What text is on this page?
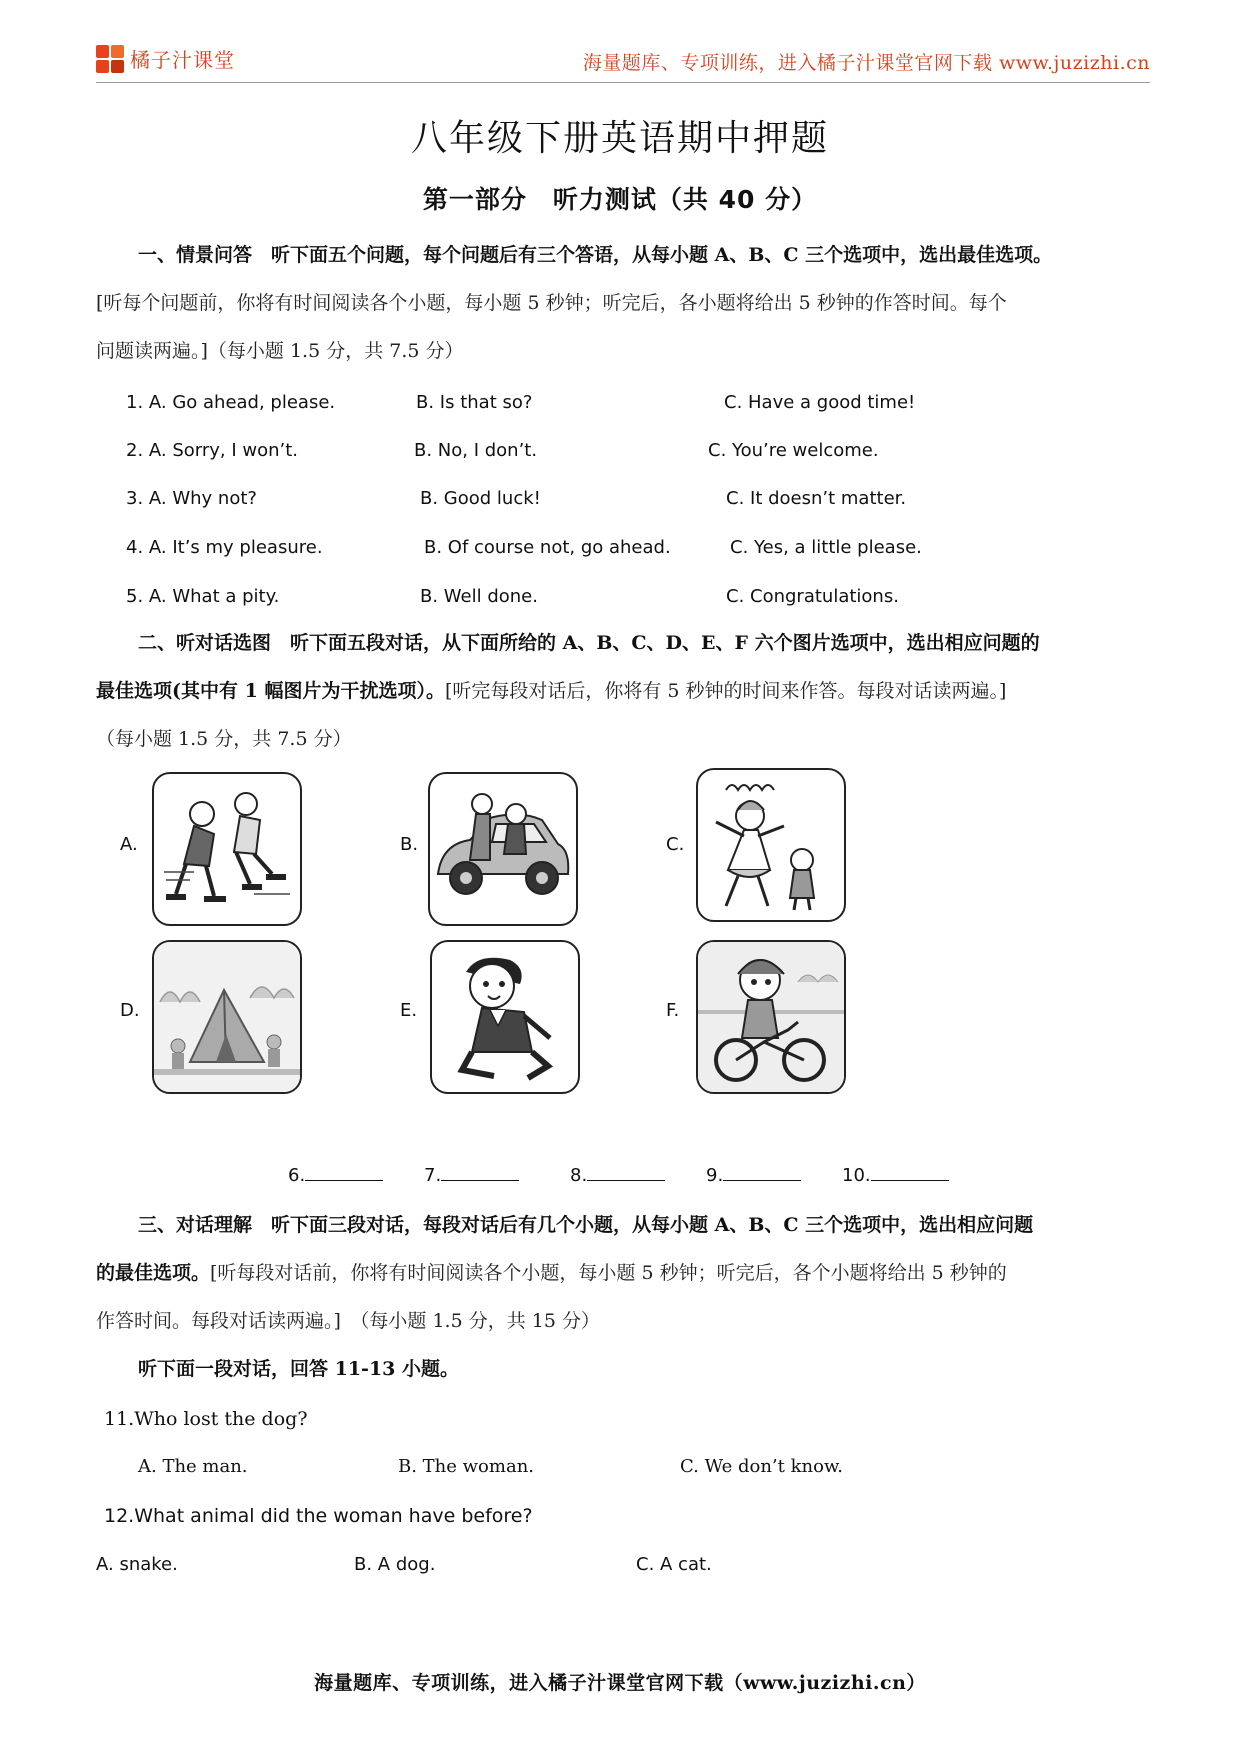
橘子汁课堂	海量题库、专项训练，进入橘子汁课堂官网下载 www.juzizhi.cn
八年级下册英语期中押题
第一部分　听力测试（共 40 分）
一、情景问答　听下面五个问题，每个问题后有三个答语，从每小题 A、B、C 三个选项中，选出最佳选项。
[听每个问题前，你将有时间阅读各个小题，每小题 5 秒钟；听完后，各小题将给出 5 秒钟的作答时间。每个
问题读两遍。]（每小题 1.5 分，共 7.5 分）
1. A. Go ahead, please.	B. Is that so?	C. Have a good time!
2. A. Sorry, I won’t.	B. No, I don’t.	C. You’re welcome.
3. A. Why not?	B. Good luck!	C. It doesn’t matter.
4. A. It’s my pleasure.	B. Of course not, go ahead.	C. Yes, a little please.
5. A. What a pity.	B. Well done.	C. Congratulations.
二、听对话选图　听下面五段对话，从下面所给的 A、B、C、D、E、F 六个图片选项中，选出相应问题的
最佳选项(其中有 1 幅图片为干扰选项）。[听完每段对话后，你将有 5 秒钟的时间来作答。每段对话读两遍。]
（每小题 1.5 分，共 7.5 分）
A.	B.	C.
D.	E.	F.
6.	7.	8.	9.	10.
三、对话理解　听下面三段对话，每段对话后有几个小题，从每小题 A、B、C 三个选项中，选出相应问题
的最佳选项。[听每段对话前，你将有时间阅读各个小题，每小题 5 秒钟；听完后，各个小题将给出 5 秒钟的
作答时间。每段对话读两遍。]　（每小题 1.5 分，共 15 分）
听下面一段对话，回答 11-13 小题。
11.Who lost the dog?
A. The man.	B. The woman.	C. We don’t know.
12.What animal did the woman have before?
A. snake.	B. A dog.	C. A cat.
海量题库、专项训练，进入橘子汁课堂官网下载（www.juzizhi.cn）
